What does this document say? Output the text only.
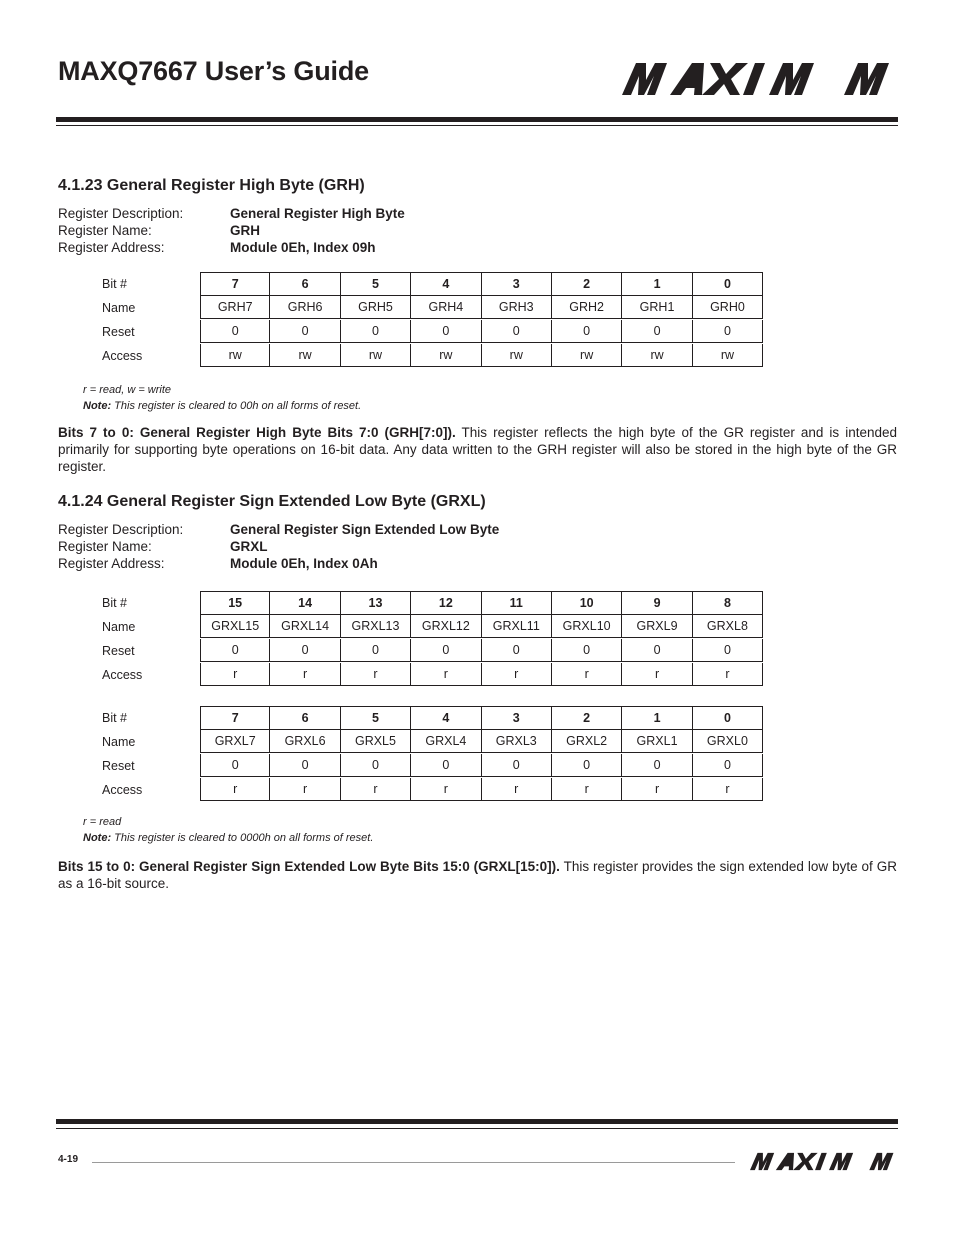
MAXQ7667 User’s Guide
4.1.23 General Register High Byte (GRH)
Register Description:	General Register High Byte
Register Name:	GRH
Register Address:	Module 0Eh, Index 09h
Bit #	7	6	5	4	3	2	1	0
Name	GRH7	GRH6	GRH5	GRH4	GRH3	GRH2	GRH1	GRH0
Reset	0	0	0	0	0	0	0	0
Access	rw	rw	rw	rw	rw	rw	rw	rw
r = read, w = write
Note: This register is cleared to 00h on all forms of reset.
Bits 7 to 0: General Register High Byte Bits 7:0 (GRH[7:0]). This register reflects the high byte of the GR register and is intended primarily for supporting byte operations on 16-bit data. Any data written to the GRH register will also be stored in the high byte of the GR register.
4.1.24 General Register Sign Extended Low Byte (GRXL)
Register Description:	General Register Sign Extended Low Byte
Register Name:	GRXL
Register Address:	Module 0Eh, Index 0Ah
Bit #	15	14	13	12	11	10	9	8
Name	GRXL15	GRXL14	GRXL13	GRXL12	GRXL11	GRXL10	GRXL9	GRXL8
Reset	0	0	0	0	0	0	0	0
Access	r	r	r	r	r	r	r	r
Bit #	7	6	5	4	3	2	1	0
Name	GRXL7	GRXL6	GRXL5	GRXL4	GRXL3	GRXL2	GRXL1	GRXL0
Reset	0	0	0	0	0	0	0	0
Access	r	r	r	r	r	r	r	r
r = read
Note: This register is cleared to 0000h on all forms of reset.
Bits 15 to 0: General Register Sign Extended Low Byte Bits 15:0 (GRXL[15:0]). This register provides the sign extended low byte of GR as a 16-bit source.
4-19
